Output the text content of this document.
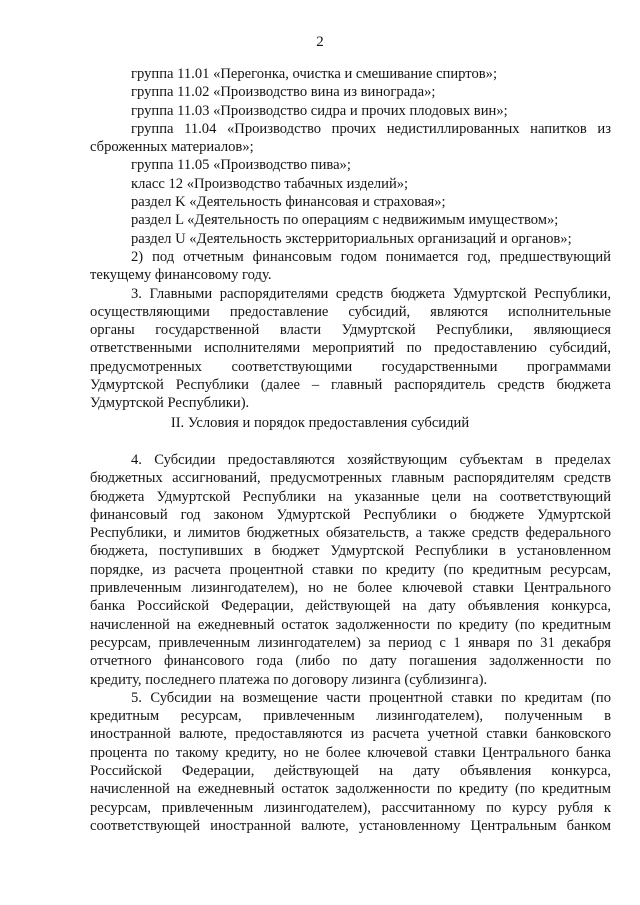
2
группа 11.01 «Перегонка, очистка и смешивание спиртов»;
группа 11.02 «Производство вина из винограда»;
группа 11.03 «Производство сидра и прочих плодовых вин»;
группа 11.04 «Производство прочих недистиллированных напитков из
сброженных материалов»;
группа 11.05 «Производство пива»;
класс 12 «Производство табачных изделий»;
раздел K «Деятельность финансовая и страховая»;
раздел L «Деятельность по операциям с недвижимым имуществом»;
раздел U «Деятельность экстерриториальных организаций и органов»;
2) под отчетным финансовым годом понимается год, предшествующий
текущему финансовому году.
3. Главными распорядителями средств бюджета Удмуртской Республики,
осуществляющими предоставление субсидий, являются исполнительные
органы государственной власти Удмуртской Республики, являющиеся
ответственными исполнителями мероприятий по предоставлению субсидий,
предусмотренных соответствующими государственными программами
Удмуртской Республики (далее – главный распорядитель средств бюджета
Удмуртской Республики).
II. Условия и порядок предоставления субсидий
4. Субсидии предоставляются хозяйствующим субъектам в пределах
бюджетных ассигнований, предусмотренных главным распорядителям средств
бюджета Удмуртской Республики на указанные цели на соответствующий
финансовый год законом Удмуртской Республики о бюджете Удмуртской
Республики, и лимитов бюджетных обязательств, а также средств федерального
бюджета, поступивших в бюджет Удмуртской Республики в установленном
порядке, из расчета процентной ставки по кредиту (по кредитным ресурсам,
привлеченным лизингодателем), но не более ключевой ставки Центрального
банка Российской Федерации, действующей на дату объявления конкурса,
начисленной на ежедневный остаток задолженности по кредиту (по кредитным
ресурсам, привлеченным лизингодателем) за период с 1 января по 31 декабря
отчетного финансового года (либо по дату погашения задолженности по
кредиту, последнего платежа по договору лизинга (сублизинга).
5. Субсидии на возмещение части процентной ставки по кредитам (по
кредитным ресурсам, привлеченным лизингодателем), полученным в
иностранной валюте, предоставляются из расчета учетной ставки банковского
процента по такому кредиту, но не более ключевой ставки Центрального банка
Российской Федерации, действующей на дату объявления конкурса,
начисленной на ежедневный остаток задолженности по кредиту (по кредитным
ресурсам, привлеченным лизингодателем), рассчитанному по курсу рубля к
соответствующей иностранной валюте, установленному Центральным банком
